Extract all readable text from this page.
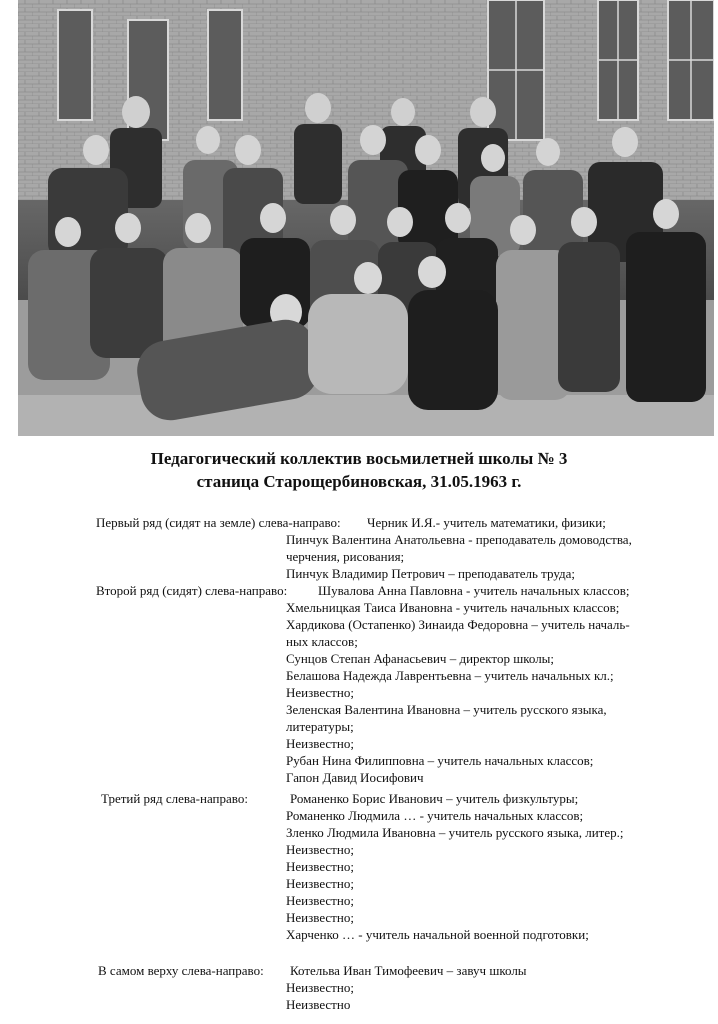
Педагогический коллектив восьмилетней школы № 3
станица Старощербиновская, 31.05.1963 г.
Первый ряд (сидят на земле) слева-направо: Черник И.Я.- учитель математики, физики;
Пинчук Валентина Анатольевна - преподаватель домоводства,
черчения, рисования;
Пинчук Владимир Петрович – преподаватель труда;
Второй ряд (сидят) слева-направо: Шувалова Анна Павловна - учитель начальных классов;
Хмельницкая Таиса Ивановна - учитель начальных классов;
Хардикова (Остапенко) Зинаида Федоровна – учитель началь-
ных классов;
Сунцов Степан Афанасьевич – директор школы;
Белашова Надежда Лаврентьевна – учитель начальных кл.;
Неизвестно;
Зеленская Валентина Ивановна – учитель русского языка,
литературы;
Неизвестно;
Рубан Нина Филипповна – учитель начальных классов;
Гапон Давид Иосифович
Третий ряд слева-направо:	Романенко Борис Иванович – учитель физкультуры;
Романенко Людмила … - учитель начальных классов;
Зленко Людмила Ивановна – учитель русского языка, литер.;
Неизвестно;
Неизвестно;
Неизвестно;
Неизвестно;
Неизвестно;
Харченко … - учитель начальной военной подготовки;
В самом верху слева-направо: Котельва Иван Тимофеевич – завуч школы
Неизвестно;
Неизвестно
